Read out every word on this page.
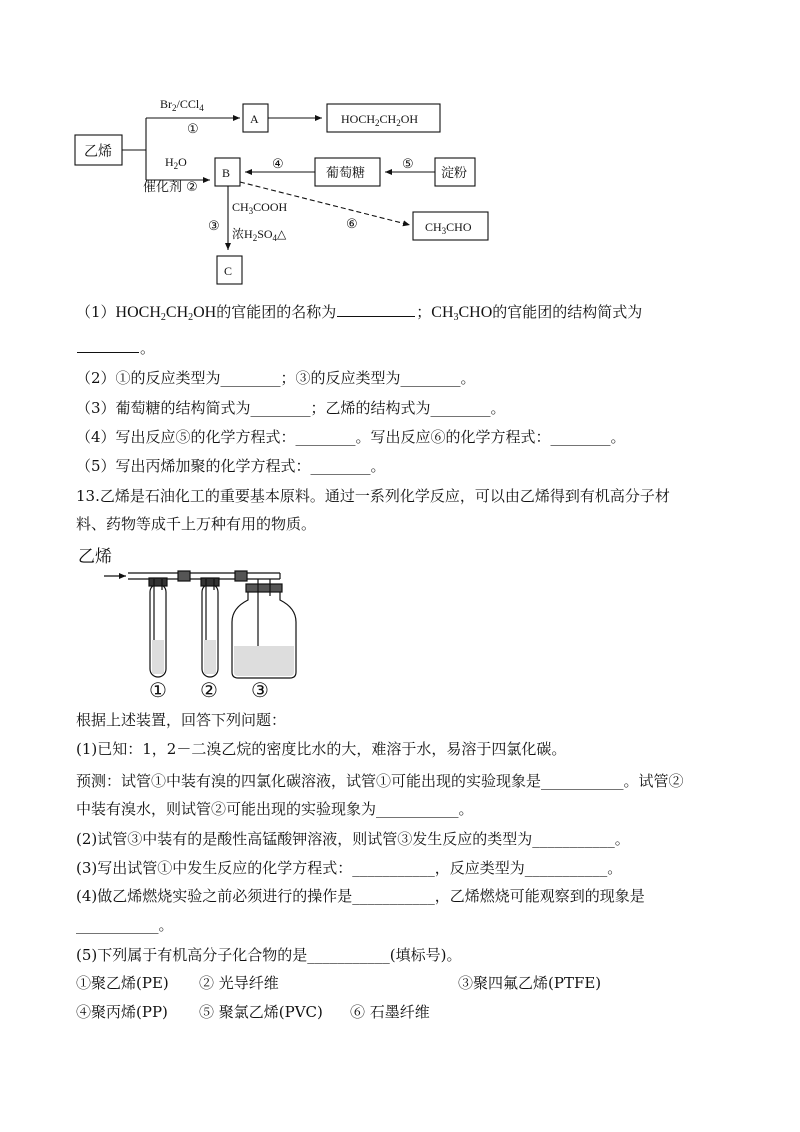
乙烯
$Br_2/CCl_4$
①
A	$HOCH_2CH_2OH$
$H_2O$
催化剂 ②
B
④
葡萄糖
⑤
淀粉
$CH_3COOH$
③
浓$H_2SO_4\triangle$
⑥	$CH_3CHO$
C
$(1)HOCH_2CH_2OH$的官能团的名称为	；$CH_3CHO$的官能团的结构简式为
。
（2）①的反应类型为________；③的反应类型为________。
（3）葡萄糖的结构简式为________；乙烯的结构式为________。
（4）写出反应⑤的化学方程式：________。写出反应⑥的化学方程式：________。
（5）写出丙烯加聚的化学方程式：________。
13.乙烯是石油化工的重要基本原料。通过一系列化学反应，可以由乙烯得到有机高分子材
料、药物等成千上万种有用的物质。
乙烯
① ② ③
根据上述装置，回答下列问题：
(1)已知：1，2－二溴乙烷的密度比水的大，难溶于水，易溶于四氯化碳。
预测：试管①中装有溴的四氯化碳溶液，试管①可能出现的实验现象是___________。试管②
中装有溴水，则试管②可能出现的实验现象为___________。
(2)试管③中装有的是酸性高锰酸钾溶液，则试管③发生反应的类型为___________。
(3)写出试管①中发生反应的化学方程式：___________，反应类型为___________。
(4)做乙烯燃烧实验之前必须进行的操作是___________，乙烯燃烧可能观察到的现象是
___________。
(5)下列属于有机高分子化合物的是___________(填标号)。
①聚乙烯(PE) ② 光导纤维	③聚四氟乙烯(PTFE)
④聚丙烯(PP) ⑤ 聚氯乙烯(PVC) ⑥ 石墨纤维
